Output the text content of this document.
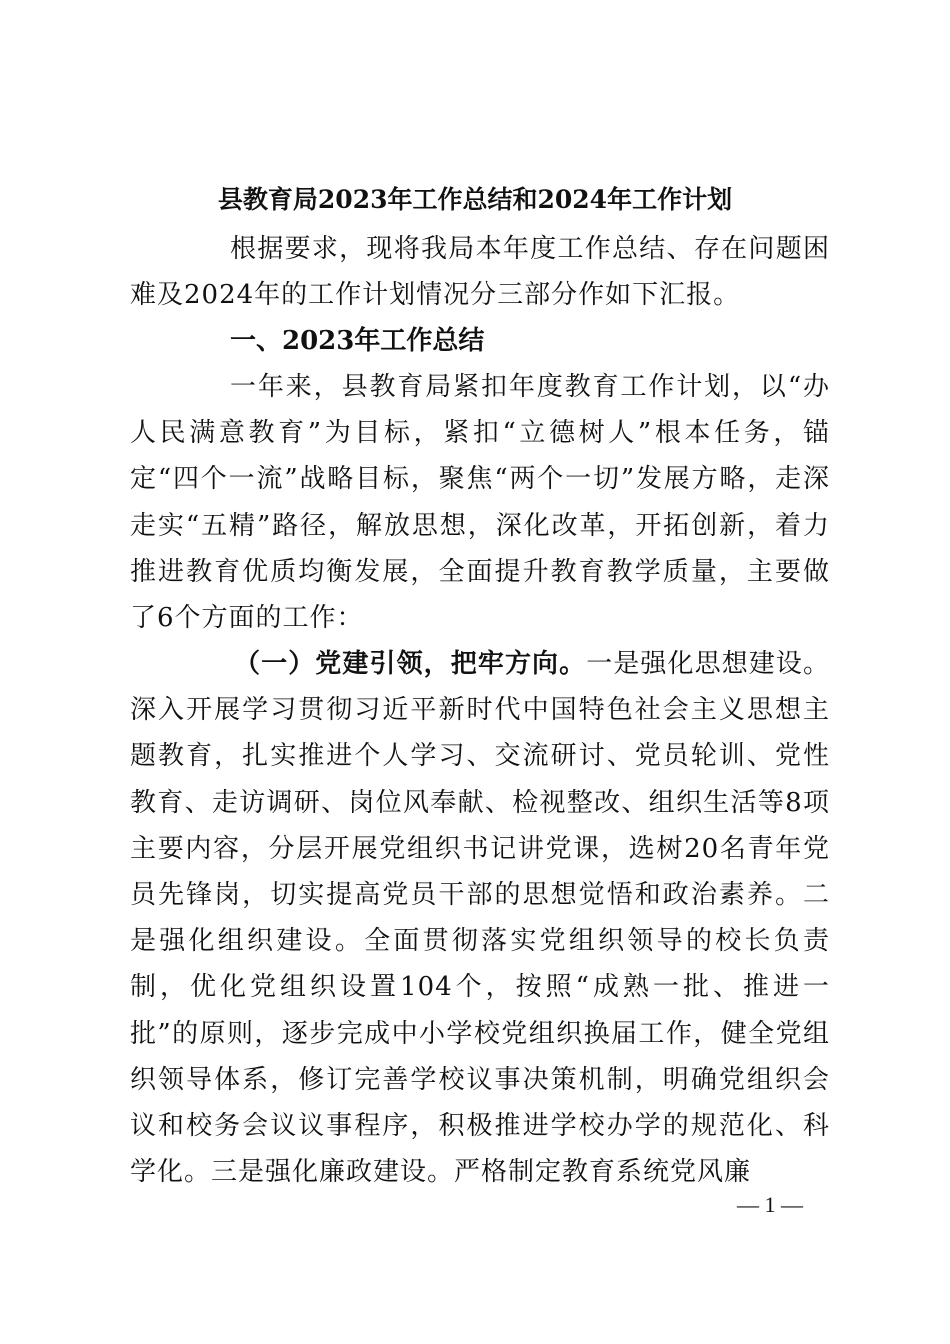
县教育局2023年工作总结和2024年工作计划
根据要求，现将我局本年度工作总结、存在问题困难及2024年的工作计划情况分三部分作如下汇报。
一、2023年工作总结
一年来，县教育局紧扣年度教育工作计划，以“办人民满意教育”为目标，紧扣“立德树人”根本任务，锚定“四个一流”战略目标，聚焦“两个一切”发展方略，走深走实“五精”路径，解放思想，深化改革，开拓创新，着力推进教育优质均衡发展，全面提升教育教学质量，主要做了6个方面的工作：
（一）党建引领，把牢方向。一是强化思想建设。深入开展学习贯彻习近平新时代中国特色社会主义思想主题教育，扎实推进个人学习、交流研讨、党员轮训、党性教育、走访调研、岗位风奉献、检视整改、组织生活等8项主要内容，分层开展党组织书记讲党课，选树20名青年党员先锋岗，切实提高党员干部的思想觉悟和政治素养。二是强化组织建设。全面贯彻落实党组织领导的校长负责制，优化党组织设置104个，按照“成熟一批、推进一批”的原则，逐步完成中小学校党组织换届工作，健全党组织领导体系，修订完善学校议事决策机制，明确党组织会议和校务会议议事程序，积极推进学校办学的规范化、科学化。三是强化廉政建设。严格制定教育系统党风廉
— 1 —
